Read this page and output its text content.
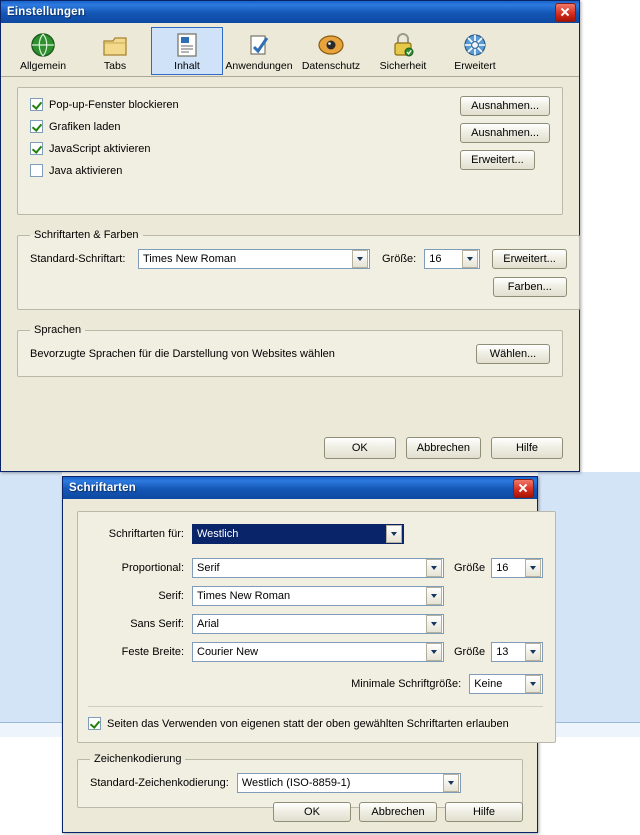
Einstellungen
Allgemein	Tabs	Inhalt	Anwendungen Datenschutz	Sicherheit	Erweitert
Pop-up-Fenster blockieren
Grafiken laden
JavaScript aktivieren
Java aktivieren
Ausnahmen...
Ausnahmen...
Erweitert...
Schriftarten & Farben
Standard-Schriftart:	Times New Roman	Größe: 16	Erweitert...
Farben...
Sprachen
Bevorzugte Sprachen für die Darstellung von Websites wählen	Wählen...
OK	Abbrechen	Hilfe
Schriftarten
Schriftarten für:	Westlich
Proportional:	Serif	Größe 16
Serif:	Times New Roman
Sans Serif:	Arial
Feste Breite:	Courier New	Größe 13
Minimale Schriftgröße: Keine
Seiten das Verwenden von eigenen statt der oben gewählten Schriftarten erlauben
Zeichenkodierung
Standard-Zeichenkodierung: Westlich (ISO-8859-1)
OK	Abbrechen	Hilfe
